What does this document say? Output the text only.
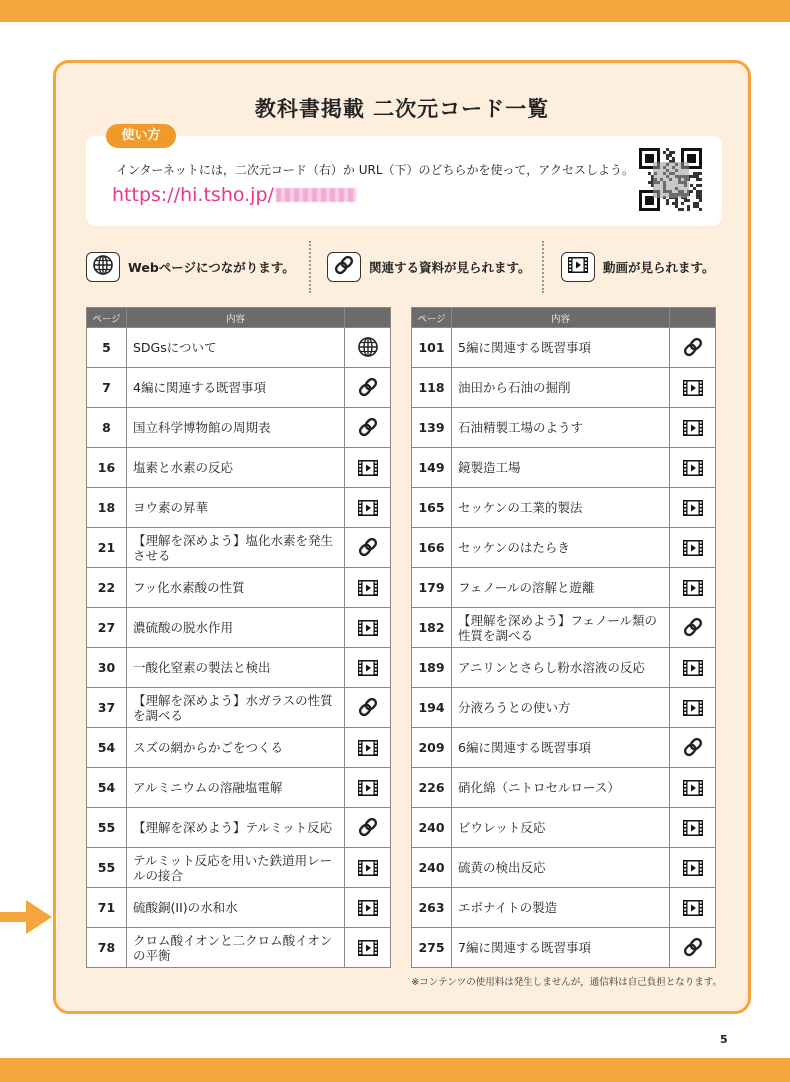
教科書掲載 二次元コード一覧
インターネットには，二次元コード（右）か URL（下）のどちらかを使って，アクセスしよう。
https://hi.tsho.jp/
使い方
Webページにつながります。	関連する資料が見られます。	動画が見られます。
ページ	内容	
5	SDGsについて	

7	4編に関連する既習事項	

8	国立科学博物館の周期表	

16	塩素と水素の反応	

18	ヨウ素の昇華	

21	【理解を深めよう】塩化水素を発生させる	

22	フッ化水素酸の性質	

27	濃硫酸の脱水作用	

30	一酸化窒素の製法と検出	

37	【理解を深めよう】水ガラスの性質を調べる	

54	スズの網からかごをつくる	

54	アルミニウムの溶融塩電解	

55	【理解を深めよう】テルミット反応	

55	テルミット反応を用いた鉄道用レールの接合	

71	硫酸銅(II)の水和水	

78	クロム酸イオンと二クロム酸イオンの平衡	
ページ	内容	
101	5編に関連する既習事項	

118	油田から石油の掘削	

139	石油精製工場のようす	

149	鏡製造工場	

165	セッケンの工業的製法	

166	セッケンのはたらき	

179	フェノールの溶解と遊離	

182	【理解を深めよう】フェノール類の性質を調べる	

189	アニリンとさらし粉水溶液の反応	

194	分液ろうとの使い方	

209	6編に関連する既習事項	

226	硝化綿（ニトロセルロース）	

240	ビウレット反応	

240	硫黄の検出反応	

263	エボナイトの製造	

275	7編に関連する既習事項	
※コンテンツの使用料は発生しませんが，通信料は自己負担となります。
5
